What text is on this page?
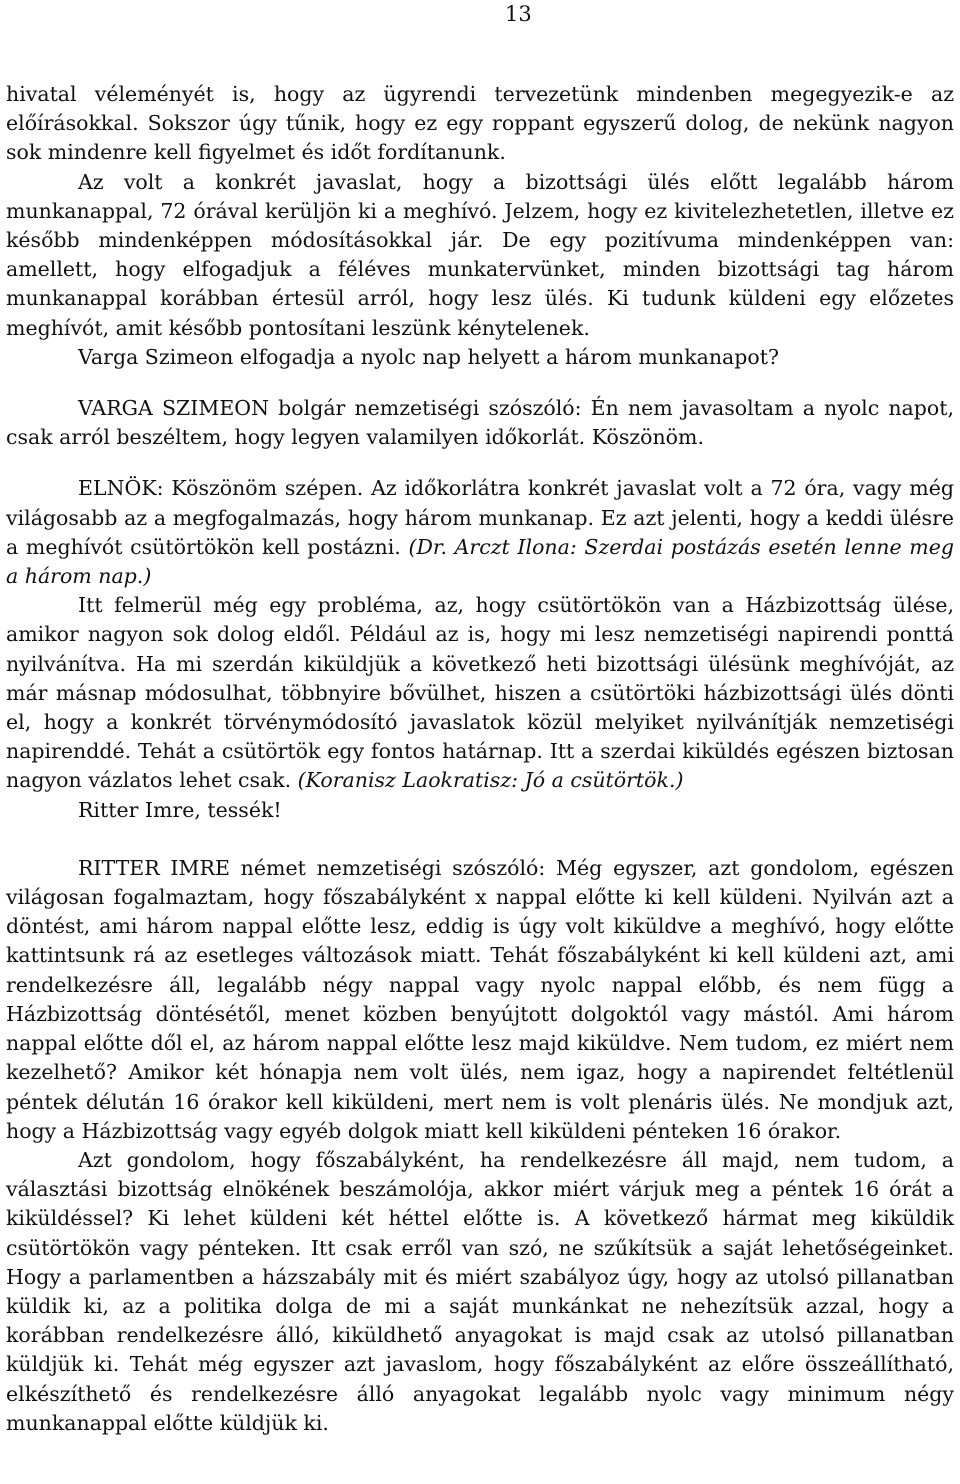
13

hivatal véleményét is, hogy az ügyrendi tervezetünk mindenben megegyezik-e az előírásokkal. Sokszor úgy tűnik, hogy ez egy roppant egyszerű dolog, de nekünk nagyon sok mindenre kell figyelmet és időt fordítanunk.

Az volt a konkrét javaslat, hogy a bizottsági ülés előtt legalább három munkanappal, 72 órával kerüljön ki a meghívó. Jelzem, hogy ez kivitelezhetetlen, illetve ez később mindenképpen módosításokkal jár. De egy pozitívuma mindenképpen van: amellett, hogy elfogadjuk a féléves munkatervünket, minden bizottsági tag három munkanappal korábban értesül arról, hogy lesz ülés. Ki tudunk küldeni egy előzetes meghívót, amit később pontosítani leszünk kénytelenek.

Varga Szimeon elfogadja a nyolc nap helyett a három munkanapot?

VARGA SZIMEON bolgár nemzetiségi szószóló: Én nem javasoltam a nyolc napot, csak arról beszéltem, hogy legyen valamilyen időkorlát. Köszönöm.

ELNÖK: Köszönöm szépen. Az időkorlátra konkrét javaslat volt a 72 óra, vagy még világosabb az a megfogalmazás, hogy három munkanap. Ez azt jelenti, hogy a keddi ülésre a meghívót csütörtökön kell postázni. (Dr. Arczt Ilona: Szerdai postázás esetén lenne meg a három nap.)

Itt felmerül még egy probléma, az, hogy csütörtökön van a Házbizottság ülése, amikor nagyon sok dolog eldől. Például az is, hogy mi lesz nemzetiségi napirendi ponttá nyilvánítva. Ha mi szerdán kiküldjük a következő heti bizottsági ülésünk meghívóját, az már másnap módosulhat, többnyire bővülhet, hiszen a csütörtöki házbizottsági ülés dönti el, hogy a konkrét törvénymódosító javaslatok közül melyiket nyilvánítják nemzetiségi napirenddé. Tehát a csütörtök egy fontos határnap. Itt a szerdai kiküldés egészen biztosan nagyon vázlatos lehet csak. (Koranisz Laokratisz: Jó a csütörtök.)

Ritter Imre, tessék!

RITTER IMRE német nemzetiségi szószóló: Még egyszer, azt gondolom, egészen világosan fogalmaztam, hogy főszabályként x nappal előtte ki kell küldeni. Nyilván azt a döntést, ami három nappal előtte lesz, eddig is úgy volt kiküldve a meghívó, hogy előtte kattintsunk rá az esetleges változások miatt. Tehát főszabályként ki kell küldeni azt, ami rendelkezésre áll, legalább négy nappal vagy nyolc nappal előbb, és nem függ a Házbizottság döntésétől, menet közben benyújtott dolgoktól vagy mástól. Ami három nappal előtte dől el, az három nappal előtte lesz majd kiküldve. Nem tudom, ez miért nem kezelhető? Amikor két hónapja nem volt ülés, nem igaz, hogy a napirendet feltétlenül péntek délután 16 órakor kell kiküldeni, mert nem is volt plenáris ülés. Ne mondjuk azt, hogy a Házbizottság vagy egyéb dolgok miatt kell kiküldeni pénteken 16 órakor.

Azt gondolom, hogy főszabályként, ha rendelkezésre áll majd, nem tudom, a választási bizottság elnökének beszámolója, akkor miért várjuk meg a péntek 16 órát a kiküldéssel? Ki lehet küldeni két héttel előtte is. A következő hármat meg kiküldik csütörtökön vagy pénteken. Itt csak erről van szó, ne szűkítsük a saját lehetőségeinket. Hogy a parlamentben a házszabály mit és miért szabályoz úgy, hogy az utolsó pillanatban küldik ki, az a politika dolga de mi a saját munkánkat ne nehezítsük azzal, hogy a korábban rendelkezésre álló, kiküldhető anyagokat is majd csak az utolsó pillanatban küldjük ki. Tehát még egyszer azt javaslom, hogy főszabályként az előre összeállítható, elkészíthető és rendelkezésre álló anyagokat legalább nyolc vagy minimum négy munkanappal előtte küldjük ki.
